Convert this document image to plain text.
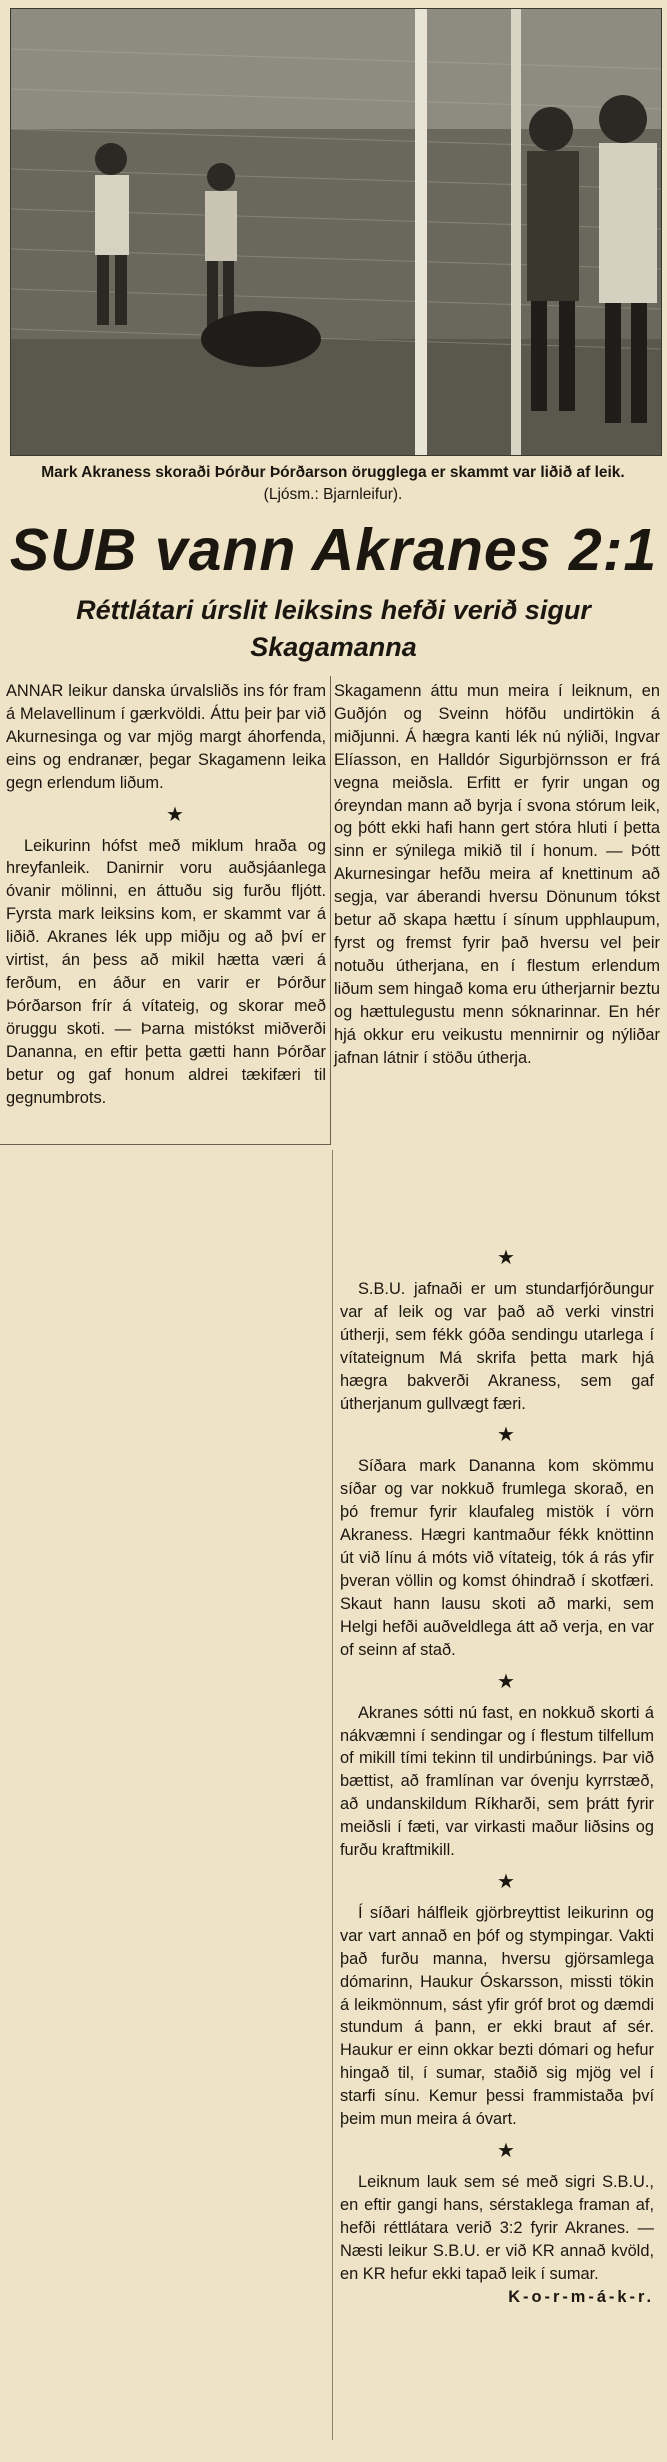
Mark Akraness skoraði Þórður Þórðarson örugglega er skammt var liðið af leik. (Ljósm.: Bjarnleifur).
SUB vann Akranes 2:1
Réttlátari úrslit leiksins hefði verið sigur Skagamanna

ANNAR leikur danska úrvalsliðs ins fór fram á Melavellinum í gærkvöldi. Áttu þeir þar við Akurnesinga og var mjög margt áhorfenda, eins og endranær, þegar Skagamenn leika gegn erlendum liðum.

★

Leikurinn hófst með miklum hraða og hreyfanleik. Danirnir voru auðsjáanlega óvanir mölinni, en áttuðu sig furðu fljótt. Fyrsta mark leiksins kom, er skammt var á liðið. Akranes lék upp miðju og að því er virtist, án þess að mikil hætta væri á ferðum, en áður en varir er Þórður Þórðarson frír á vítateig, og skorar með öruggu skoti. — Þarna mistókst miðverði Dananna, en eftir þetta gætti hann Þórðar betur og gaf honum aldrei tækifæri til gegnumbrots.

Skagamenn áttu mun meira í leiknum, en Guðjón og Sveinn höfðu undirtökin á miðjunni. Á hægra kanti lék nú nýliði, Ingvar Elíasson, en Halldór Sigurbjörnsson er frá vegna meiðsla. Erfitt er fyrir ungan og óreyndan mann að byrja í svona stórum leik, og þótt ekki hafi hann gert stóra hluti í þetta sinn er sýnilega mikið til í honum. — Þótt Akurnesingar hefðu meira af knettinum að segja, var áberandi hversu Dönunum tókst betur að skapa hættu í sínum upphlaupum, fyrst og fremst fyrir það hversu vel þeir notuðu útherjana, en í flestum erlendum liðum sem hingað koma eru útherjarnir beztu og hættulegustu menn sóknarinnar. En hér hjá okkur eru veikustu mennirnir og nýliðar jafnan látnir í stöðu útherja.

★

S.B.U. jafnaði er um stundarfjórðungur var af leik og var það að verki vinstri útherji, sem fékk góða sendingu utarlega í vítateignum Má skrifa þetta mark hjá hægra bakverði Akraness, sem gaf útherjanum gullvægt færi.

★

Síðara mark Dananna kom skömmu síðar og var nokkuð frumlega skorað, en þó fremur fyrir klaufaleg mistök í vörn Akraness. Hægri kantmaður fékk knöttinn út við línu á móts við vítateig, tók á rás yfir þveran völlin og komst óhindrað í skotfæri. Skaut hann lausu skoti að marki, sem Helgi hefði auðveldlega átt að verja, en var of seinn af stað.

★

Akranes sótti nú fast, en nokkuð skorti á nákvæmni í sendingar og í flestum tilfellum of mikill tími tekinn til undirbúnings. Þar við bættist, að framlínan var óvenju kyrrstæð, að undanskildum Ríkharði, sem þrátt fyrir meiðsli í fæti, var virkasti maður liðsins og furðu kraftmikill.

★

Í síðari hálfleik gjörbreyttist leikurinn og var vart annað en þóf og stympingar. Vakti það furðu manna, hversu gjörsamlega dómarinn, Haukur Óskarsson, missti tökin á leikmönnum, sást yfir gróf brot og dæmdi stundum á þann, er ekki braut af sér. Haukur er einn okkar bezti dómari og hefur hingað til, í sumar, staðið sig mjög vel í starfi sínu. Kemur þessi frammistaða því þeim mun meira á óvart.

★

Leiknum lauk sem sé með sigri S.B.U., en eftir gangi hans, sérstaklega framan af, hefði réttlátara verið 3:2 fyrir Akranes. — Næsti leikur S.B.U. er við KR annað kvöld, en KR hefur ekki tapað leik í sumar.

K-o-r-m-á-k-r.
